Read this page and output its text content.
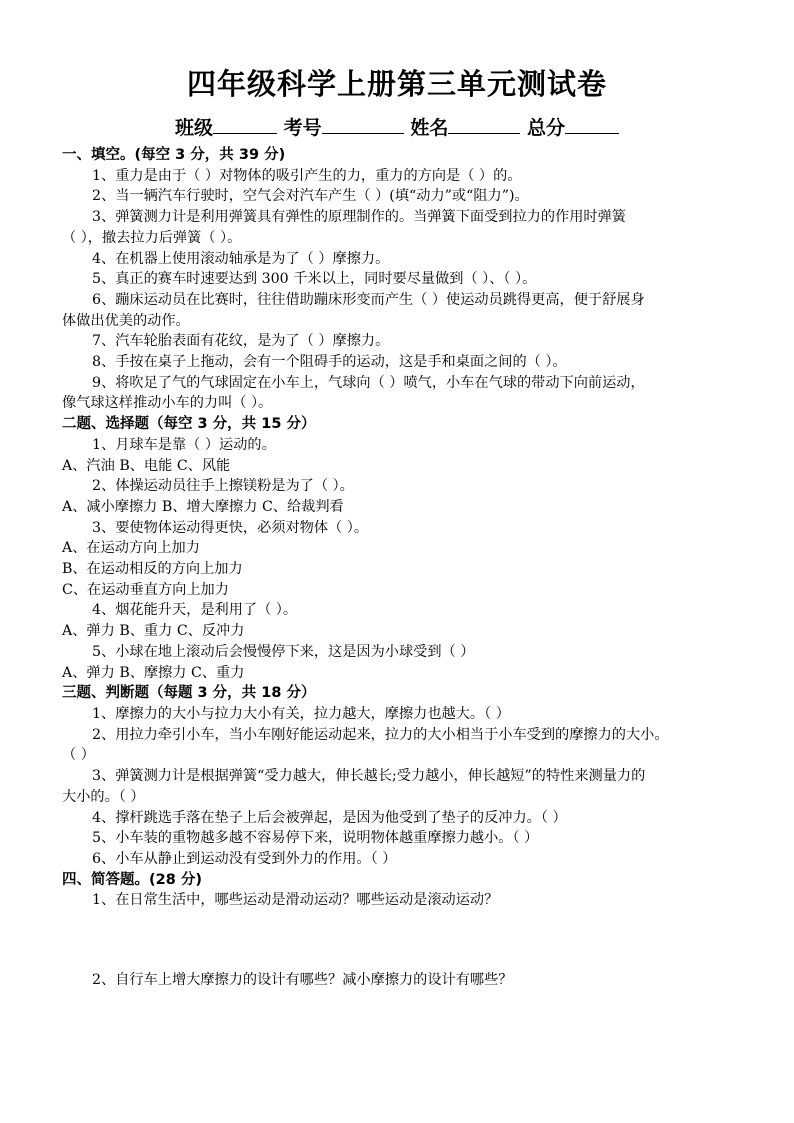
四年级科学上册第三单元测试卷
班级	考号	姓名	总分
一、填空。(每空 3 分，共 39 分)
1、重力是由于（ ）对物体的吸引产生的力，重力的方向是（ ）的。
2、当一辆汽车行驶时，空气会对汽车产生（ ）(填“动力”或“阻力”)。
3、弹簧测力计是利用弹簧具有弹性的原理制作的。当弹簧下面受到拉力的作用时弹簧
（ ），撤去拉力后弹簧（ ）。
4、在机器上使用滚动轴承是为了（ ）摩擦力。
5、真正的赛车时速要达到 300 千米以上，同时要尽量做到（ ）、（ ）。
6、蹦床运动员在比赛时，往往借助蹦床形变而产生（ ）使运动员跳得更高，便于舒展身
体做出优美的动作。
7、汽车轮胎表面有花纹，是为了（ ）摩擦力。
8、手按在桌子上拖动，会有一个阻碍手的运动，这是手和桌面之间的（ ）。
9、将吹足了气的气球固定在小车上，气球向（ ）喷气，小车在气球的带动下向前运动，
像气球这样推动小车的力叫（ ）。
二题、选择题（每空 3 分，共 15 分）
1、月球车是靠（ ）运动的。
A、汽油 B、电能 C、风能
2、体操运动员往手上擦镁粉是为了（ ）。
A、减小摩擦力 B、增大摩擦力 C、给裁判看
3、要使物体运动得更快，必须对物体（ ）。
A、在运动方向上加力
B、在运动相反的方向上加力
C、在运动垂直方向上加力
4、烟花能升天，是利用了（ ）。
A、弹力 B、重力 C、反冲力
5、小球在地上滚动后会慢慢停下来，这是因为小球受到（ ）
A、弹力 B、摩擦力 C、重力
三题、判断题（每题 3 分，共 18 分）
1、摩擦力的大小与拉力大小有关，拉力越大，摩擦力也越大。（ ）
2、用拉力牵引小车，当小车刚好能运动起来，拉力的大小相当于小车受到的摩擦力的大小。
（ ）
3、弹簧测力计是根据弹簧“受力越大，伸长越长;受力越小，伸长越短”的特性来测量力的
大小的。（ ）
4、撑杆跳选手落在垫子上后会被弹起，是因为他受到了垫子的反冲力。（ ）
5、小车装的重物越多越不容易停下来，说明物体越重摩擦力越小。（ ）
6、小车从静止到运动没有受到外力的作用。（ ）
四、简答题。(28 分)
1、在日常生活中，哪些运动是滑动运动？哪些运动是滚动运动？
2、自行车上增大摩擦力的设计有哪些？减小摩擦力的设计有哪些？
